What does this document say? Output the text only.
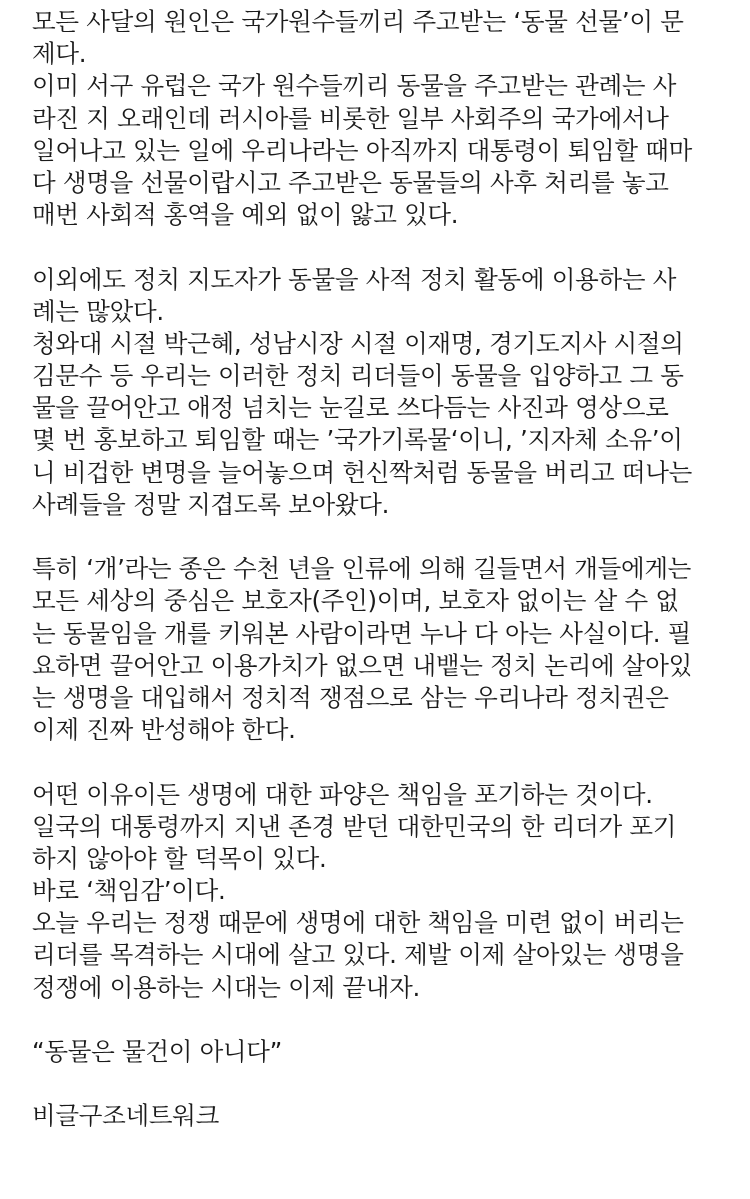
모든 사달의 원인은 국가원수들끼리 주고받는 ‘동물 선물’이 문
제다.
이미 서구 유럽은 국가 원수들끼리 동물을 주고받는 관례는 사
라진 지 오래인데 러시아를 비롯한 일부 사회주의 국가에서나
일어나고 있는 일에 우리나라는 아직까지 대통령이 퇴임할 때마
다 생명을 선물이랍시고 주고받은 동물들의 사후 처리를 놓고
매번 사회적 홍역을 예외 없이 앓고 있다.
이외에도 정치 지도자가 동물을 사적 정치 활동에 이용하는 사
례는 많았다.
청와대 시절 박근혜, 성남시장 시절 이재명, 경기도지사 시절의
김문수 등 우리는 이러한 정치 리더들이 동물을 입양하고 그 동
물을 끌어안고 애정 넘치는 눈길로 쓰다듬는 사진과 영상으로
몇 번 홍보하고 퇴임할 때는 ’국가기록물‘이니, ’지자체 소유’이
니 비겁한 변명을 늘어놓으며 헌신짝처럼 동물을 버리고 떠나는
사례들을 정말 지겹도록 보아왔다.
특히 ‘개’라는 종은 수천 년을 인류에 의해 길들면서 개들에게는
모든 세상의 중심은 보호자(주인)이며, 보호자 없이는 살 수 없
는 동물임을 개를 키워본 사람이라면 누나 다 아는 사실이다. 필
요하면 끌어안고 이용가치가 없으면 내뱉는 정치 논리에 살아있
는 생명을 대입해서 정치적 쟁점으로 삼는 우리나라 정치권은
이제 진짜 반성해야 한다.
어떤 이유이든 생명에 대한 파양은 책임을 포기하는 것이다.
일국의 대통령까지 지낸 존경 받던 대한민국의 한 리더가 포기
하지 않아야 할 덕목이 있다.
바로 ‘책임감’이다.
오늘 우리는 정쟁 때문에 생명에 대한 책임을 미련 없이 버리는
리더를 목격하는 시대에 살고 있다. 제발 이제 살아있는 생명을
정쟁에 이용하는 시대는 이제 끝내자.
“동물은 물건이 아니다”
비글구조네트워크
